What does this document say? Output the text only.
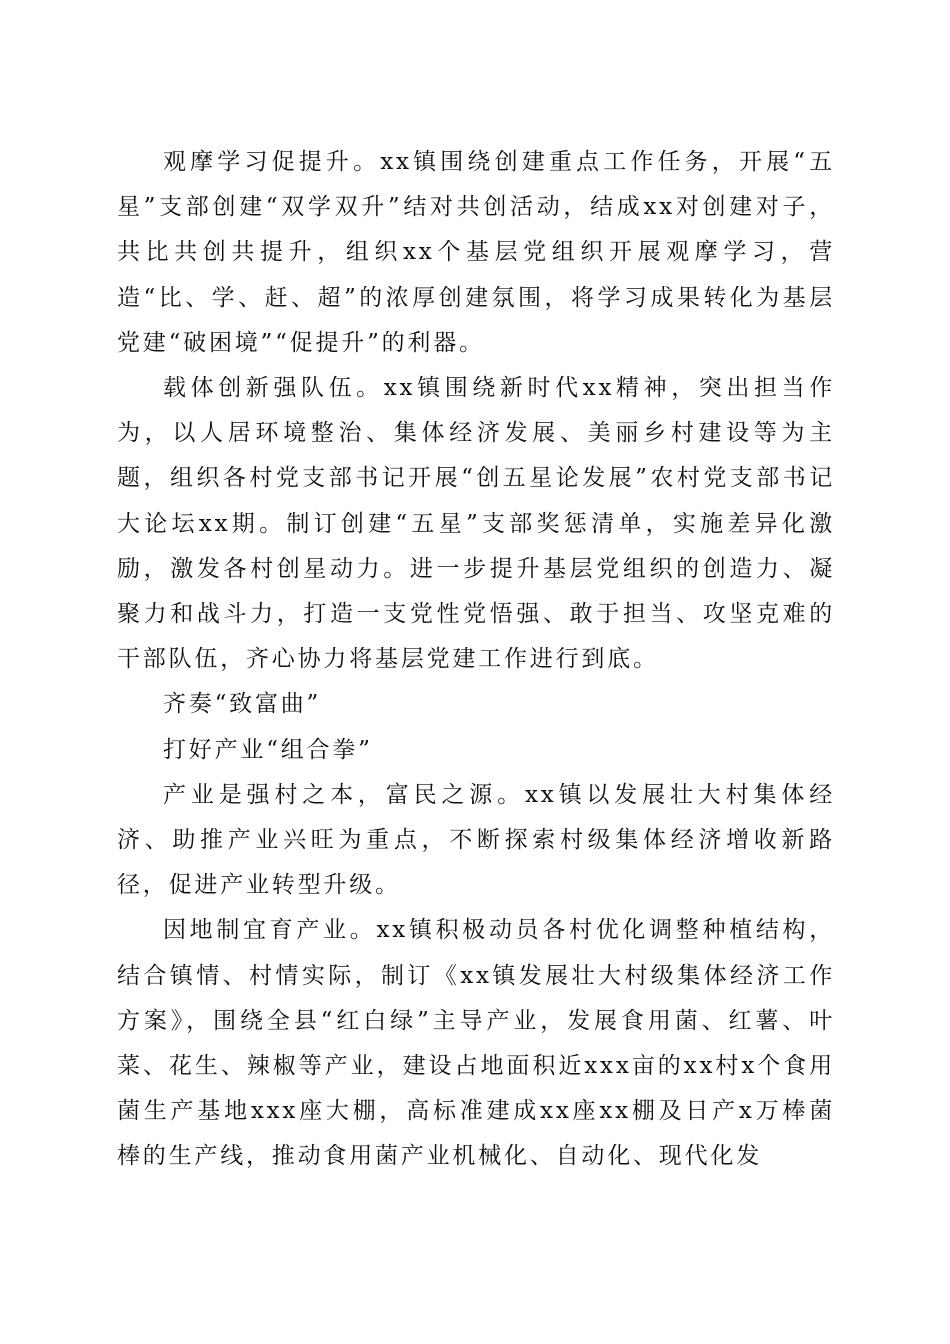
观摩学习促提升。xx镇围绕创建重点工作任务，开展“五星”支部创建“双学双升”结对共创活动，结成xx对创建对子，共比共创共提升，组织xx个基层党组织开展观摩学习，营造“比、学、赶、超”的浓厚创建氛围，将学习成果转化为基层党建“破困境”“促提升”的利器。

载体创新强队伍。xx镇围绕新时代xx精神，突出担当作为，以人居环境整治、集体经济发展、美丽乡村建设等为主题，组织各村党支部书记开展“创五星论发展”农村党支部书记大论坛xx期。制订创建“五星”支部奖惩清单，实施差异化激励，激发各村创星动力。进一步提升基层党组织的创造力、凝聚力和战斗力，打造一支党性党悟强、敢于担当、攻坚克难的干部队伍，齐心协力将基层党建工作进行到底。

齐奏“致富曲”

打好产业“组合拳”

产业是强村之本，富民之源。xx镇以发展壮大村集体经济、助推产业兴旺为重点，不断探索村级集体经济增收新路径，促进产业转型升级。

因地制宜育产业。xx镇积极动员各村优化调整种植结构，结合镇情、村情实际，制订《xx镇发展壮大村级集体经济工作方案》，围绕全县“红白绿”主导产业，发展食用菌、红薯、叶菜、花生、辣椒等产业，建设占地面积近xxx亩的xx村x个食用菌生产基地xxx座大棚，高标准建成xx座xx棚及日产x万棒菌棒的生产线，推动食用菌产业机械化、自动化、现代化发
